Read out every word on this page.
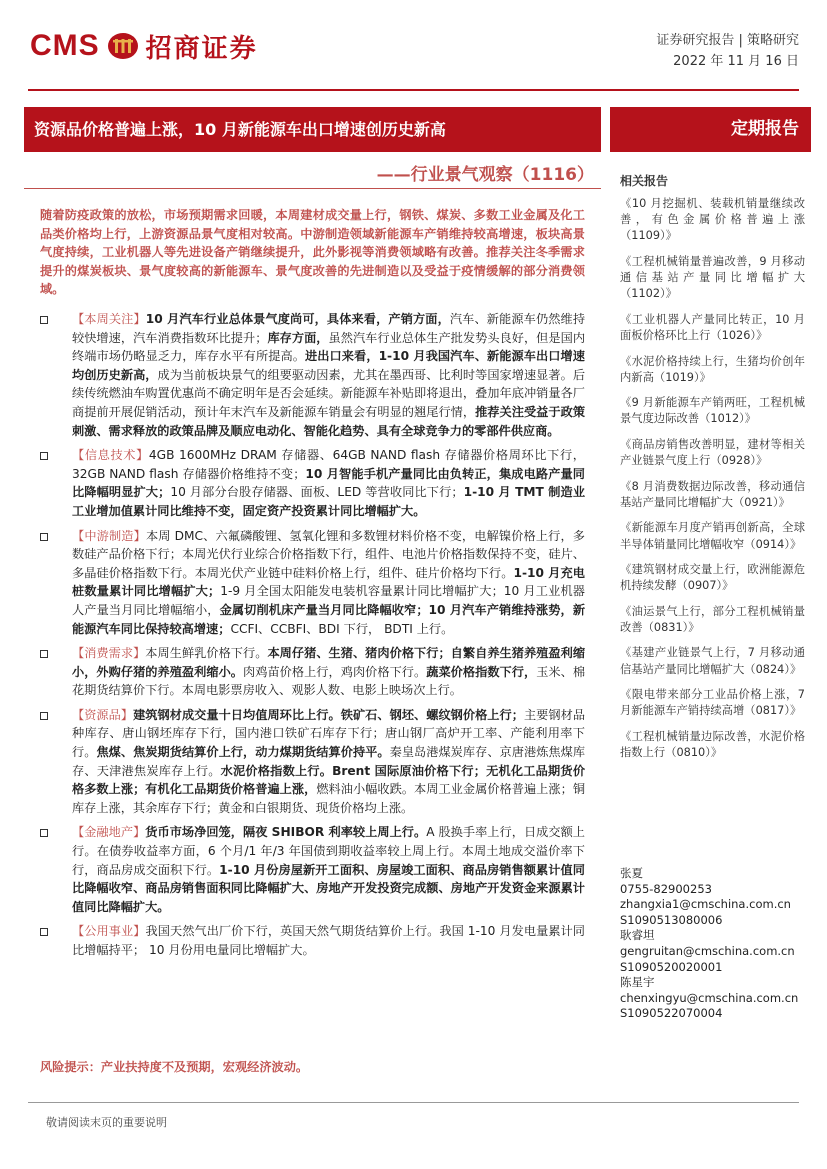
CMS 招商证券	证券研究报告 | 策略研究
2022 年 11 月 16 日
资源品价格普遍上涨，10 月新能源车出口增速创历史新高	定期报告
——行业景气观察（1116）
随着防疫政策的放松，市场预期需求回暖，本周建材成交量上行，钢铁、煤炭、多数工业金属及化工品类价格均上行，上游资源品景气度相对较高。中游制造领域新能源车产销维持较高增速，板块高景气度持续，工业机器人等先进设备产销继续提升，此外影视等消费领域略有改善。推荐关注冬季需求提升的煤炭板块、景气度较高的新能源车、景气度改善的先进制造以及受益于疫情缓解的部分消费领域。
【本周关注】10 月汽车行业总体景气度尚可，具体来看，产销方面，汽车、新能源车仍然维持较快增速，汽车消费指数环比提升；库存方面，虽然汽车行业总体生产批发势头良好，但是国内终端市场仍略显乏力，库存水平有所提高。进出口来看，1-10 月我国汽车、新能源车出口增速均创历史新高，成为当前板块景气的组要驱动因素，尤其在墨西哥、比利时等国家增速显著。后续传统燃油车购置优惠尚不确定明年是否会延续。新能源车补贴即将退出，叠加年底冲销量各厂商提前开展促销活动，预计年末汽车及新能源车销量会有明显的翘尾行情，推荐关注受益于政策刺激、需求释放的政策品牌及顺应电动化、智能化趋势、具有全球竞争力的零部件供应商。
【信息技术】4GB 1600MHz DRAM 存储器、64GB NAND flash 存储器价格周环比下行，32GB NAND flash 存储器价格维持不变；10 月智能手机产量同比由负转正，集成电路产量同比降幅明显扩大；10 月部分台股存储器、面板、LED 等营收同比下行；1-10 月 TMT 制造业工业增加值累计同比维持不变，固定资产投资累计同比增幅扩大。
【中游制造】本周 DMC、六氟磷酸锂、氢氧化锂和多数锂材料价格不变，电解镍价格上行，多数硅产品价格下行；本周光伏行业综合价格指数下行，组件、电池片价格指数保持不变，硅片、多晶硅价格指数下行。本周光伏产业链中硅料价格上行，组件、硅片价格均下行。1-10 月充电桩数量累计同比增幅扩大；1-9 月全国太阳能发电装机容量累计同比增幅扩大；10 月工业机器人产量当月同比增幅缩小，金属切削机床产量当月同比降幅收窄；10 月汽车产销维持涨势，新能源汽车同比保持较高增速；CCFI、CCBFI、BDI 下行， BDTI 上行。
【消费需求】本周生鲜乳价格下行。本周仔猪、生猪、猪肉价格下行；自繁自养生猪养殖盈利缩小，外购仔猪的养殖盈利缩小。肉鸡苗价格上行，鸡肉价格下行。蔬菜价格指数下行，玉米、棉花期货结算价下行。本周电影票房收入、观影人数、电影上映场次上行。
【资源品】建筑钢材成交量十日均值周环比上行。铁矿石、钢坯、螺纹钢价格上行；主要钢材品种库存、唐山钢坯库存下行，国内港口铁矿石库存下行；唐山钢厂高炉开工率、产能利用率下行。焦煤、焦炭期货结算价上行，动力煤期货结算价持平。秦皇岛港煤炭库存、京唐港炼焦煤库存、天津港焦炭库存上行。水泥价格指数上行。Brent 国际原油价格下行；无机化工品期货价格多数上涨；有机化工品期货价格普遍上涨，燃料油小幅收跌。本周工业金属价格普遍上涨；铜库存上涨，其余库存下行；黄金和白银期货、现货价格均上涨。
【金融地产】货币市场净回笼，隔夜 SHIBOR 利率较上周上行。A 股换手率上行，日成交额上行。在债券收益率方面，6 个月/1 年/3 年国债到期收益率较上周上行。本周土地成交溢价率下行，商品房成交面积下行。1-10 月份房屋新开工面积、房屋竣工面积、商品房销售额累计值同比降幅收窄、商品房销售面积同比降幅扩大、房地产开发投资完成额、房地产开发资金来源累计值同比降幅扩大。
【公用事业】我国天然气出厂价下行，英国天然气期货结算价上行。我国 1-10 月发电量累计同比增幅持平； 10 月份用电量同比增幅扩大。
风险提示：产业扶持度不及预期，宏观经济波动。
相关报告
《10 月挖掘机、装载机销量继续改善，有色金属价格普遍上涨（1109）》
《工程机械销量普遍改善，9 月移动通信基站产量同比增幅扩大（1102）》
《工业机器人产量同比转正，10 月面板价格环比上行（1026）》
《水泥价格持续上行，生猪均价创年内新高（1019）》
《9 月新能源车产销两旺，工程机械景气度边际改善（1012）》
《商品房销售改善明显，建材等相关产业链景气度上行（0928）》
《8 月消费数据边际改善，移动通信基站产量同比增幅扩大（0921）》
《新能源车月度产销再创新高，全球半导体销量同比增幅收窄（0914）》
《建筑钢材成交量上行，欧洲能源危机持续发酵（0907）》
《油运景气上行，部分工程机械销量改善（0831）》
《基建产业链景气上行，7 月移动通信基站产量同比增幅扩大（0824）》
《限电带来部分工业品价格上涨，7 月新能源车产销持续高增（0817）》
《工程机械销量边际改善，水泥价格指数上行（0810）》
张夏
0755-82900253
zhangxia1@cmschina.com.cn
S1090513080006
耿睿坦
gengruitan@cmschina.com.cn
S1090520020001
陈星宇
chenxingyu@cmschina.com.cn
S1090522070004
敬请阅读末页的重要说明
